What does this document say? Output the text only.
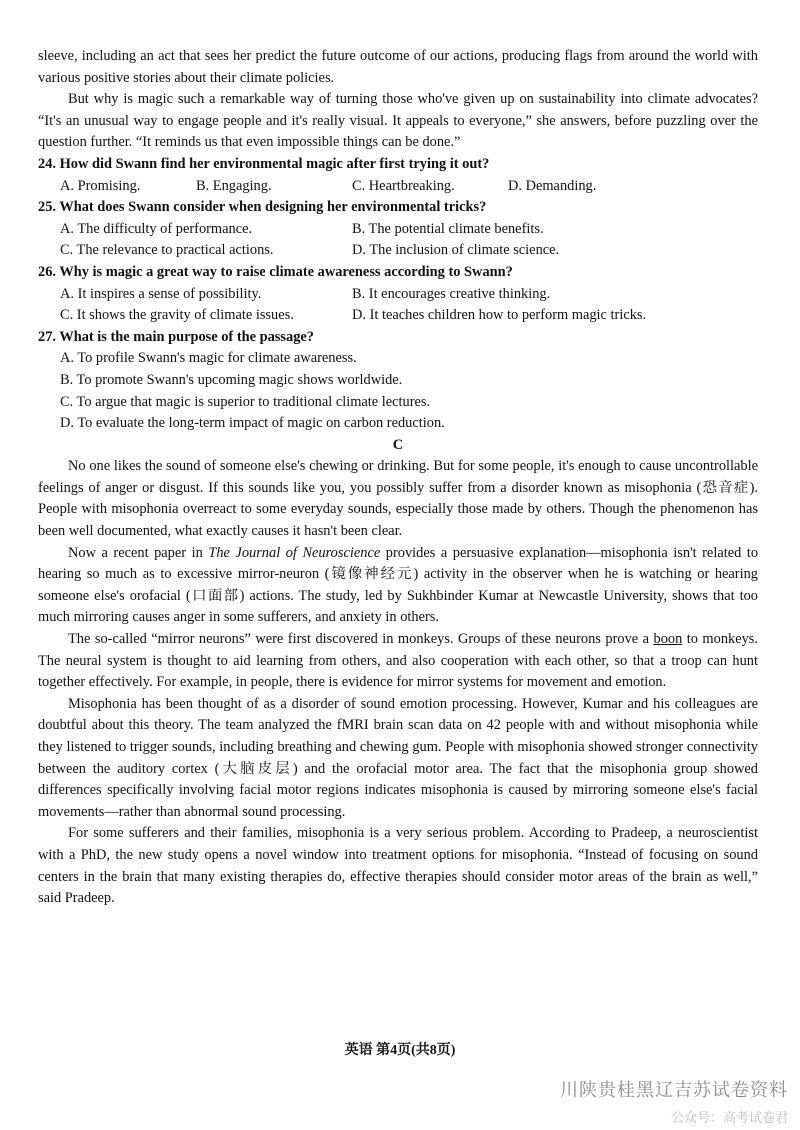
sleeve, including an act that sees her predict the future outcome of our actions, producing flags from around the world with various positive stories about their climate policies.

But why is magic such a remarkable way of turning those who've given up on sustainability into climate advocates? “It's an unusual way to engage people and it's really visual. It appeals to everyone,” she answers, before puzzling over the question further. “It reminds us that even impossible things can be done.”

24. How did Swann find her environmental magic after first trying it out?

A. Promising.	B. Engaging.	C. Heartbreaking.	D. Demanding.

25. What does Swann consider when designing her environmental tricks?

A. The difficulty of performance.	B. The potential climate benefits.
C. The relevance to practical actions.	D. The inclusion of climate science.

26. Why is magic a great way to raise climate awareness according to Swann?

A. It inspires a sense of possibility.	B. It encourages creative thinking.
C. It shows the gravity of climate issues.	D. It teaches children how to perform magic tricks.

27. What is the main purpose of the passage?

A. To profile Swann's magic for climate awareness.
B. To promote Swann's upcoming magic shows worldwide.
C. To argue that magic is superior to traditional climate lectures.
D. To evaluate the long-term impact of magic on carbon reduction.

C

No one likes the sound of someone else's chewing or drinking. But for some people, it's enough to cause uncontrollable feelings of anger or disgust. If this sounds like you, you possibly suffer from a disorder known as misophonia (恐音症). People with misophonia overreact to some everyday sounds, especially those made by others. Though the phenomenon has been well documented, what exactly causes it hasn't been clear.

Now a recent paper in The Journal of Neuroscience provides a persuasive explanation—misophonia isn't related to hearing so much as to excessive mirror-neuron (镜像神经元) activity in the observer when he is watching or hearing someone else's orofacial (口面部) actions. The study, led by Sukhbinder Kumar at Newcastle University, shows that too much mirroring causes anger in some sufferers, and anxiety in others.

The so-called “mirror neurons” were first discovered in monkeys. Groups of these neurons prove a boon to monkeys. The neural system is thought to aid learning from others, and also cooperation with each other, so that a troop can hunt together effectively. For example, in people, there is evidence for mirror systems for movement and emotion.

Misophonia has been thought of as a disorder of sound emotion processing. However, Kumar and his colleagues are doubtful about this theory. The team analyzed the fMRI brain scan data on 42 people with and without misophonia while they listened to trigger sounds, including breathing and chewing gum. People with misophonia showed stronger connectivity between the auditory cortex (大脑皮层) and the orofacial motor area. The fact that the misophonia group showed differences specifically involving facial motor regions indicates misophonia is caused by mirroring someone else's facial movements—rather than abnormal sound processing.

For some sufferers and their families, misophonia is a very serious problem. According to Pradeep, a neuroscientist with a PhD, the new study opens a novel window into treatment options for misophonia. “Instead of focusing on sound centers in the brain that many existing therapies do, effective therapies should consider motor areas of the brain as well,” said Pradeep.

英语 第4页(共8页)
川陕贵桂黑辽吉苏试卷资料
公众号：高考试卷君
